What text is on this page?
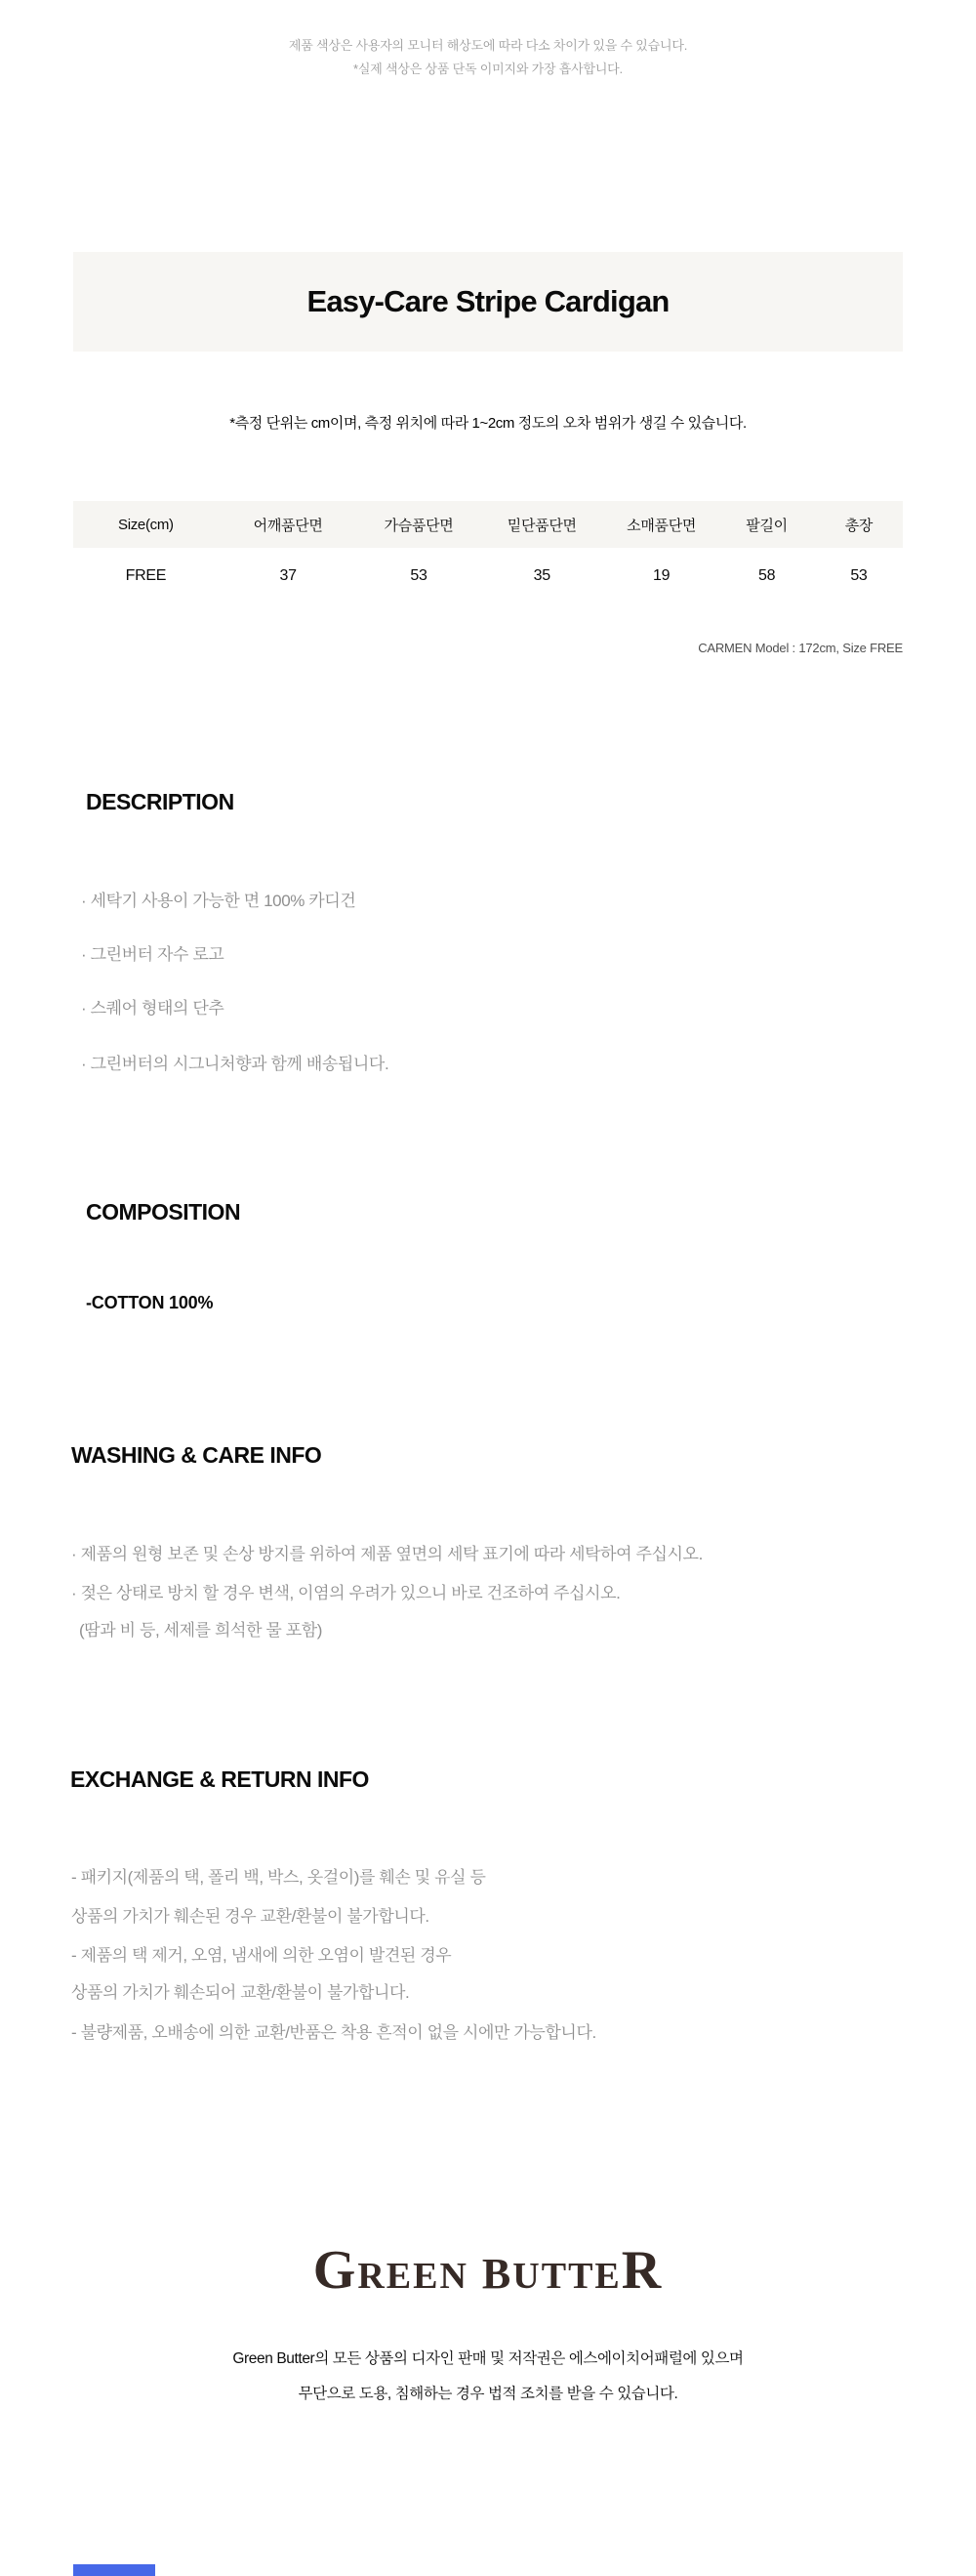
제품 색상은 사용자의 모니터 해상도에 따라 다소 차이가 있을 수 있습니다.
*실제 색상은 상품 단독 이미지와 가장 흡사합니다.
Easy-Care Stripe Cardigan
*측정 단위는 cm이며, 측정 위치에 따라 1~2cm 정도의 오차 범위가 생길 수 있습니다.
Size(cm)	어깨품단면	가슴품단면	밑단품단면	소매품단면	팔길이	총장
FREE	37	53	35	19	58	53
CARMEN Model : 172cm, Size FREE
DESCRIPTION
· 세탁기 사용이 가능한 면 100% 카디건
· 그린버터 자수 로고
· 스퀘어 형태의 단추
· 그린버터의 시그니처향과 함께 배송됩니다.
COMPOSITION
-COTTON 100%
WASHING & CARE INFO
· 제품의 원형 보존 및 손상 방지를 위하여 제품 옆면의 세탁 표기에 따라 세탁하여 주십시오.
· 젖은 상태로 방치 할 경우 변색, 이염의 우려가 있으니 바로 건조하여 주십시오.
(땀과 비 등, 세제를 희석한 물 포함)
EXCHANGE & RETURN INFO
- 패키지(제품의 택, 폴리 백, 박스, 옷걸이)를 훼손 및 유실 등
상품의 가치가 훼손된 경우 교환/환불이 불가합니다.
- 제품의 택 제거, 오염, 냄새에 의한 오염이 발견된 경우
상품의 가치가 훼손되어 교환/환불이 불가합니다.
- 불량제품, 오배송에 의한 교환/반품은 착용 흔적이 없을 시에만 가능합니다.
GREEN BUTTER
Green Butter의 모든 상품의 디자인 판매 및 저작권은 에스에이치어패럴에 있으며
무단으로 도용, 침해하는 경우 법적 조치를 받을 수 있습니다.
